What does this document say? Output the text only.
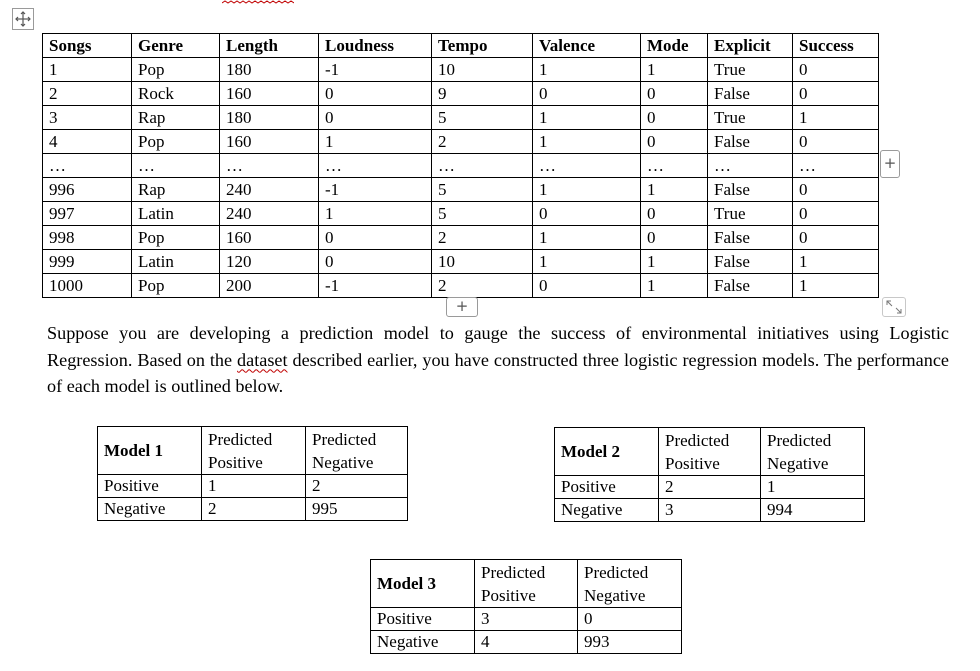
Songs	Genre	Length	Loudness	Tempo	Valence	Mode	Explicit	Success
1	Pop	180	-1	10	1	1	True	0
2	Rock	160	0	9	0	0	False	0
3	Rap	180	0	5	1	0	True	1
4	Pop	160	1	2	1	0	False	0
…	…	…	…	…	…	…	…	…
996	Rap	240	-1	5	1	1	False	0
997	Latin	240	1	5	0	0	True	0
998	Pop	160	0	2	1	0	False	0
999	Latin	120	0	10	1	1	False	1
1000	Pop	200	-1	2	0	1	False	1
+
+
Suppose you are developing a prediction model to gauge the success of environmental initiatives using Logistic Regression. Based on the dataset described earlier, you have constructed three logistic regression models. The performance of each model is outlined below.
Model 1	Predicted Positive	Predicted Negative
Positive	1	2
Negative	2	995
Model 2	Predicted Positive	Predicted Negative
Positive	2	1
Negative	3	994
Model 3	Predicted Positive	Predicted Negative
Positive	3	0
Negative	4	993
